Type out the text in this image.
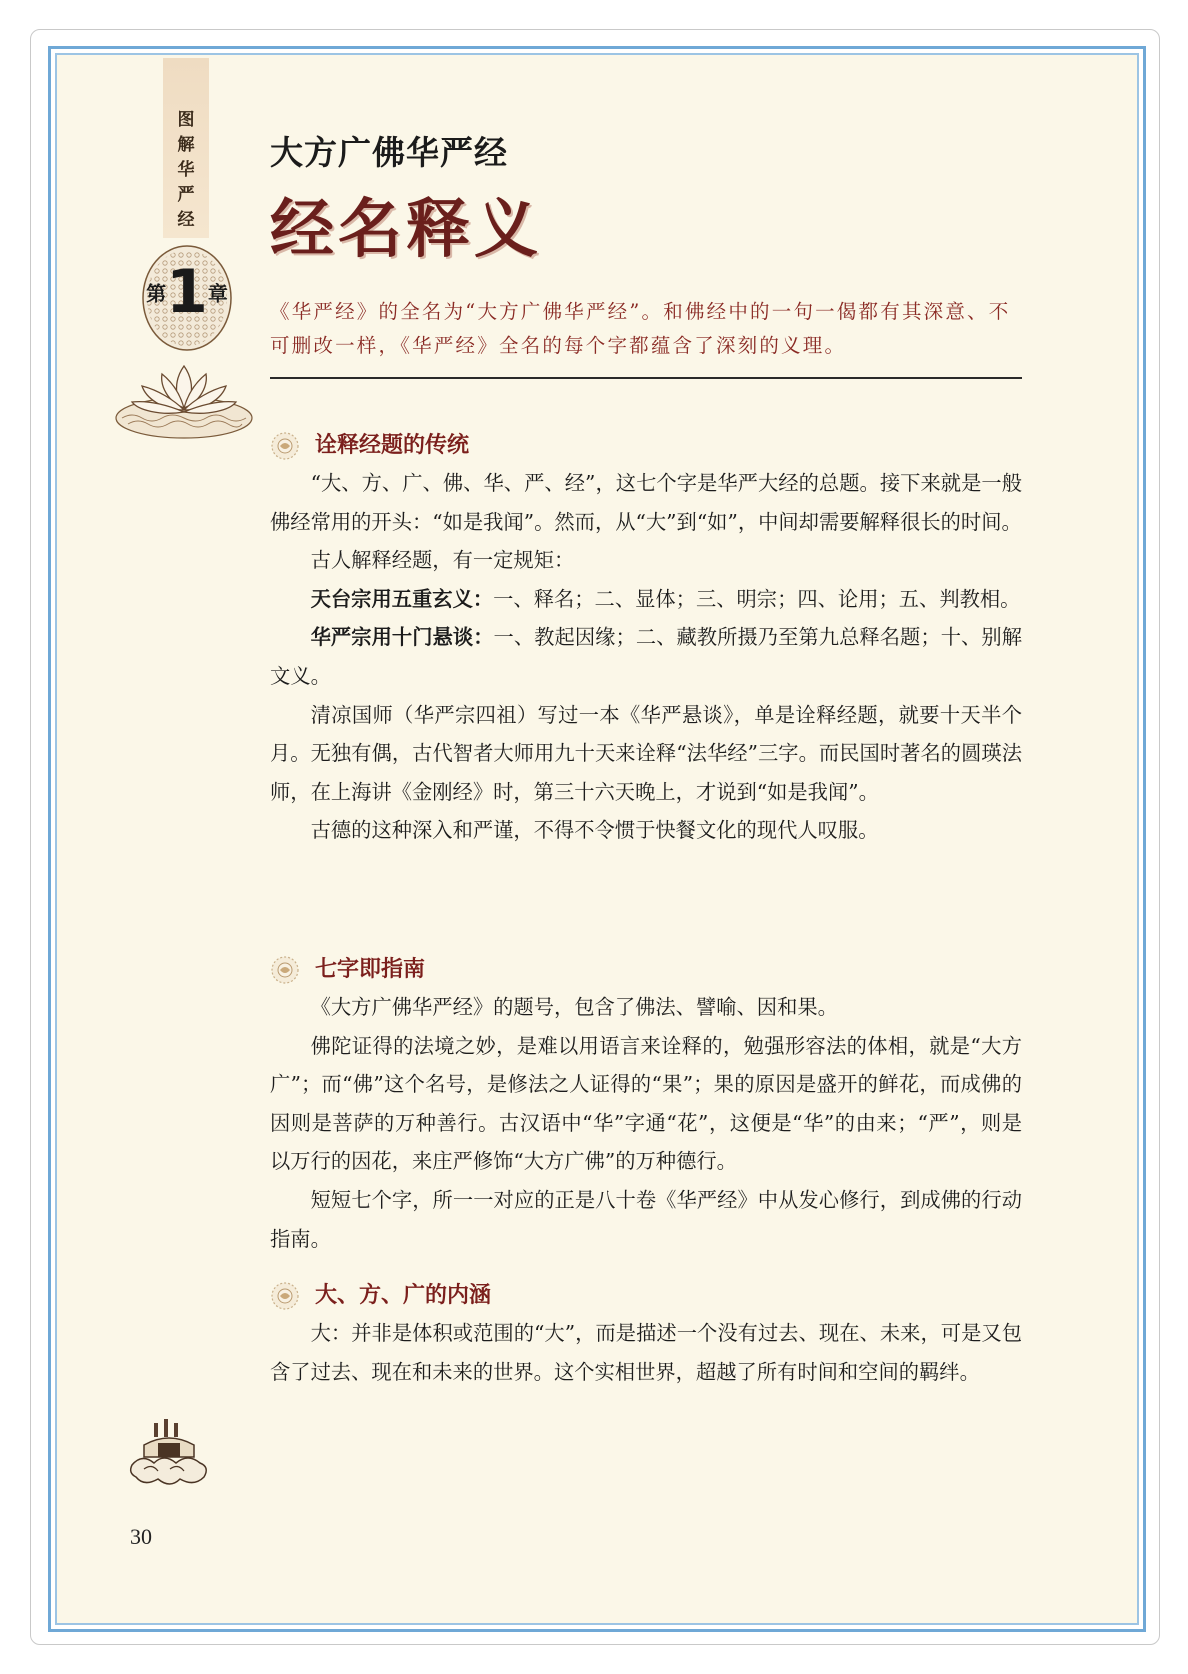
图
解
华
严
经
第1章
大方广佛华严经
经名释义
《华严经》的全名为“大方广佛华严经”。和佛经中的一句一偈都有其深意、不可删改一样，《华严经》全名的每个字都蕴含了深刻的义理。
诠释经题的传统

“大、方、广、佛、华、严、经”，这七个字是华严大经的总题。接下来就是一般佛经常用的开头：“如是我闻”。然而，从“大”到“如”，中间却需要解释很长的时间。

古人解释经题，有一定规矩：

天台宗用五重玄义：一、释名；二、显体；三、明宗；四、论用；五、判教相。

华严宗用十门悬谈：一、教起因缘；二、藏教所摄乃至第九总释名题；十、别解文义。

清凉国师（华严宗四祖）写过一本《华严悬谈》，单是诠释经题，就要十天半个月。无独有偶，古代智者大师用九十天来诠释“法华经”三字。而民国时著名的圆瑛法师，在上海讲《金刚经》时，第三十六天晚上，才说到“如是我闻”。

古德的这种深入和严谨，不得不令惯于快餐文化的现代人叹服。

七字即指南

《大方广佛华严经》的题号，包含了佛法、譬喻、因和果。

佛陀证得的法境之妙，是难以用语言来诠释的，勉强形容法的体相，就是“大方广”；而“佛”这个名号，是修法之人证得的“果”；果的原因是盛开的鲜花，而成佛的因则是菩萨的万种善行。古汉语中“华”字通“花”，这便是“华”的由来；“严”，则是以万行的因花，来庄严修饰“大方广佛”的万种德行。

短短七个字，所一一对应的正是八十卷《华严经》中从发心修行，到成佛的行动指南。

大、方、广的内涵

大：并非是体积或范围的“大”，而是描述一个没有过去、现在、未来，可是又包含了过去、现在和未来的世界。这个实相世界，超越了所有时间和空间的羁绊。

30
